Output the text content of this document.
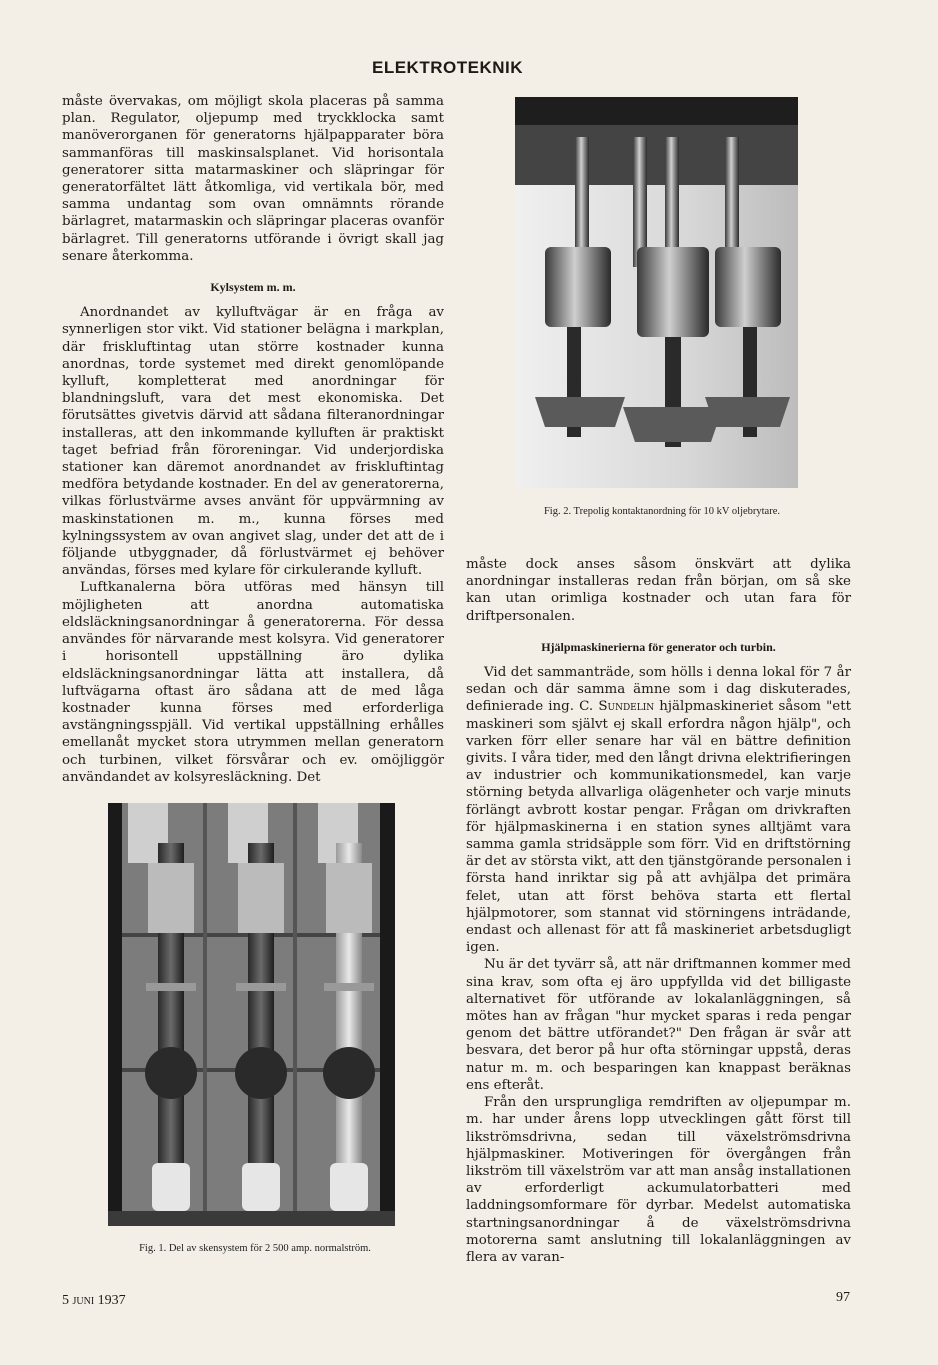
ELEKTROTEKNIK

måste övervakas, om möjligt skola placeras på samma plan. Regulator, oljepump med tryckklocka samt manöverorganen för generatorns hjälpapparater böra sammanföras till maskinsalsplanet. Vid horisontala generatorer sitta matarmaskiner och släpringar för generatorfältet lätt åtkomliga, vid vertikala bör, med samma undantag som ovan omnämnts rörande bärlagret, matarmaskin och släpringar placeras ovanför bärlagret. Till generatorns utförande i övrigt skall jag senare återkomma.

Kylsystem m. m.

Anordnandet av kylluftvägar är en fråga av synnerligen stor vikt. Vid stationer belägna i markplan, där friskluftintag utan större kostnader kunna anordnas, torde systemet med direkt genomlöpande kylluft, kompletterat med anordningar för blandningsluft, vara det mest ekonomiska. Det förutsättes givetvis därvid att sådana filteranordningar installeras, att den inkommande kylluften är praktiskt taget befriad från föroreningar. Vid underjordiska stationer kan däremot anordnandet av friskluftintag medföra betydande kostnader. En del av generatorerna, vilkas förlustvärme avses använt för uppvärmning av maskinstationen m. m., kunna förses med kylningssystem av ovan angivet slag, under det att de i följande utbyggnader, då förlustvärmet ej behöver användas, förses med kylare för cirkulerande kylluft.

Luftkanalerna böra utföras med hänsyn till möjligheten att anordna automatiska eldsläckningsanordningar å generatorerna. För dessa användes för närvarande mest kolsyra. Vid generatorer i horisontell uppställning äro dylika eldsläckningsanordningar lätta att installera, då luftvägarna oftast äro sådana att de med låga kostnader kunna förses med erforderliga avstängningsspjäll. Vid vertikal uppställning erhålles emellanåt mycket stora utrymmen mellan generatorn och turbinen, vilket försvårar och ev. omöjliggör användandet av kolsyresläckning. Det

Fig. 1. Del av skensystem för 2 500 amp. normalström.
Fig. 2. Trepolig kontaktanordning för 10 kV oljebrytare.

måste dock anses såsom önskvärt att dylika anordningar installeras redan från början, om så ske kan utan orimliga kostnader och utan fara för driftpersonalen.

Hjälpmaskinerierna för generator och turbin.

Vid det sammanträde, som hölls i denna lokal för 7 år sedan och där samma ämne som i dag diskuterades, definierade ing. C. Sundelin hjälpmaskineriet såsom "ett maskineri som självt ej skall erfordra någon hjälp", och varken förr eller senare har väl en bättre definition givits. I våra tider, med den långt drivna elektrifieringen av industrier och kommunikationsmedel, kan varje störning betyda allvarliga olägenheter och varje minuts förlängt avbrott kostar pengar. Frågan om drivkraften för hjälpmaskinerna i en station synes alltjämt vara samma gamla stridsäpple som förr. Vid en driftstörning är det av största vikt, att den tjänstgörande personalen i första hand inriktar sig på att avhjälpa det primära felet, utan att först behöva starta ett flertal hjälpmotorer, som stannat vid störningens inträdande, endast och allenast för att få maskineriet arbetsdugligt igen.

Nu är det tyvärr så, att när driftmannen kommer med sina krav, som ofta ej äro uppfyllda vid det billigaste alternativet för utförande av lokalanläggningen, så mötes han av frågan "hur mycket sparas i reda pengar genom det bättre utförandet?" Den frågan är svår att besvara, det beror på hur ofta störningar uppstå, deras natur m. m. och besparingen kan knappast beräknas ens efteråt.

Från den ursprungliga remdriften av oljepumpar m. m. har under årens lopp utvecklingen gått först till likströmsdrivna, sedan till växelströmsdrivna hjälpmaskiner. Motiveringen för övergången från likström till växelström var att man ansåg installationen av erforderligt ackumulatorbatteri med laddningsomformare för dyrbar. Medelst automatiska startningsanordningar å de växelströmsdrivna motorerna samt anslutning till lokalanläggningen av flera av varan-

5 juni 1937	97
